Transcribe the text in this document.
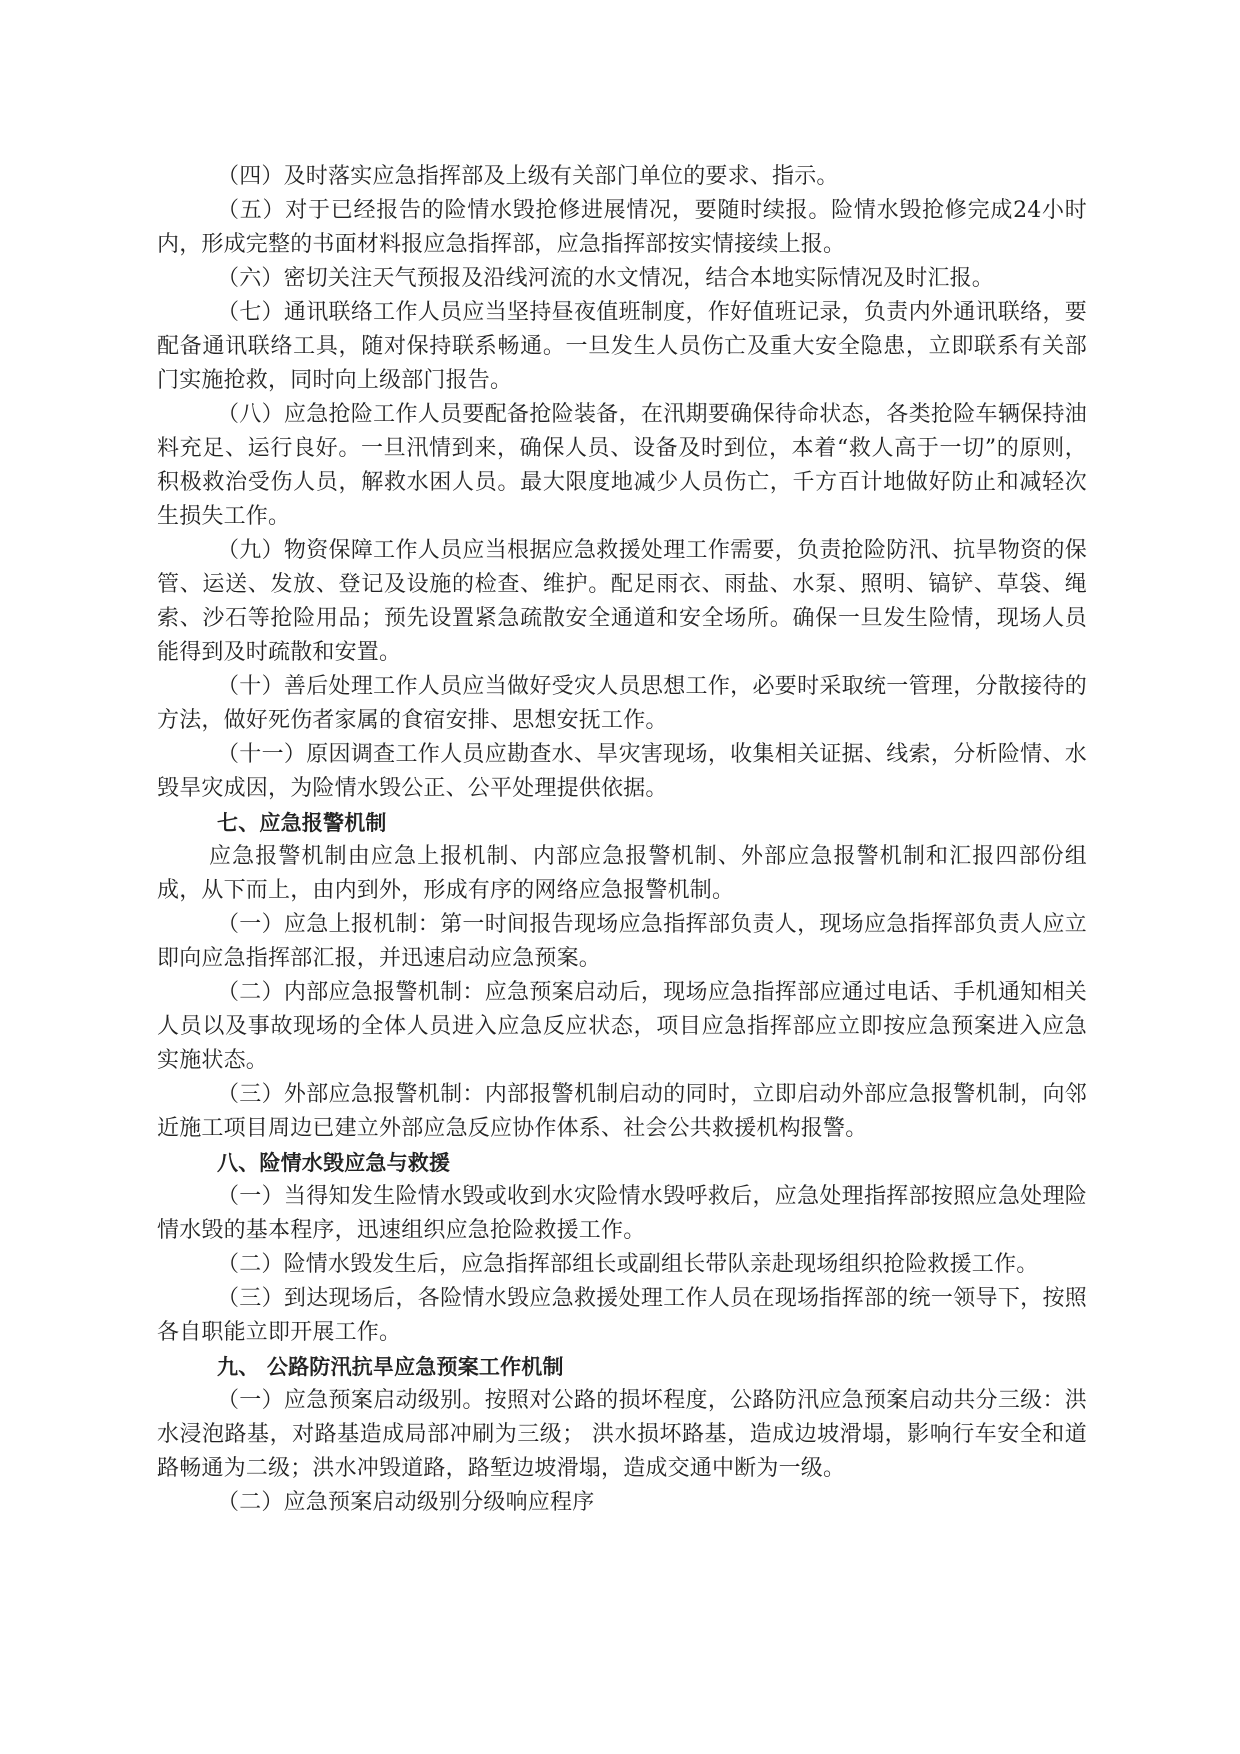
（四）及时落实应急指挥部及上级有关部门单位的要求、指示。

（五）对于已经报告的险情水毁抢修进展情况，要随时续报。险情水毁抢修完成24小时内，形成完整的书面材料报应急指挥部，应急指挥部按实情接续上报。

（六）密切关注天气预报及沿线河流的水文情况，结合本地实际情况及时汇报。

（七）通讯联络工作人员应当坚持昼夜值班制度，作好值班记录，负责内外通讯联络，要配备通讯联络工具，随对保持联系畅通。一旦发生人员伤亡及重大安全隐患，立即联系有关部门实施抢救，同时向上级部门报告。

（八）应急抢险工作人员要配备抢险装备，在汛期要确保待命状态，各类抢险车辆保持油料充足、运行良好。一旦汛情到来，确保人员、设备及时到位，本着“救人高于一切”的原则，积极救治受伤人员，解救水困人员。最大限度地减少人员伤亡，千方百计地做好防止和减轻次生损失工作。

（九）物资保障工作人员应当根据应急救援处理工作需要，负责抢险防汛、抗旱物资的保管、运送、发放、登记及设施的检查、维护。配足雨衣、雨盐、水泵、照明、镐铲、草袋、绳索、沙石等抢险用品；预先设置紧急疏散安全通道和安全场所。确保一旦发生险情，现场人员能得到及时疏散和安置。

（十）善后处理工作人员应当做好受灾人员思想工作，必要时采取统一管理，分散接待的方法，做好死伤者家属的食宿安排、思想安抚工作。

（十一）原因调查工作人员应勘查水、旱灾害现场，收集相关证据、线索，分析险情、水毁旱灾成因，为险情水毁公正、公平处理提供依据。

七、应急报警机制

应急报警机制由应急上报机制、内部应急报警机制、外部应急报警机制和汇报四部份组成，从下而上，由内到外，形成有序的网络应急报警机制。

（一）应急上报机制：第一时间报告现场应急指挥部负责人，现场应急指挥部负责人应立即向应急指挥部汇报，并迅速启动应急预案。

（二）内部应急报警机制：应急预案启动后，现场应急指挥部应通过电话、手机通知相关人员以及事故现场的全体人员进入应急反应状态，项目应急指挥部应立即按应急预案进入应急实施状态。

（三）外部应急报警机制：内部报警机制启动的同时，立即启动外部应急报警机制，向邻近施工项目周边已建立外部应急反应协作体系、社会公共救援机构报警。

八、险情水毁应急与救援

（一）当得知发生险情水毁或收到水灾险情水毁呼救后，应急处理指挥部按照应急处理险情水毁的基本程序，迅速组织应急抢险救援工作。

（二）险情水毁发生后，应急指挥部组长或副组长带队亲赴现场组织抢险救援工作。

（三）到达现场后，各险情水毁应急救援处理工作人员在现场指挥部的统一领导下，按照各自职能立即开展工作。

九、 公路防汛抗旱应急预案工作机制

（一）应急预案启动级别。按照对公路的损坏程度，公路防汛应急预案启动共分三级：洪水浸泡路基，对路基造成局部冲刷为三级； 洪水损坏路基，造成边坡滑塌，影响行车安全和道路畅通为二级；洪水冲毁道路，路堑边坡滑塌，造成交通中断为一级。

（二）应急预案启动级别分级响应程序
